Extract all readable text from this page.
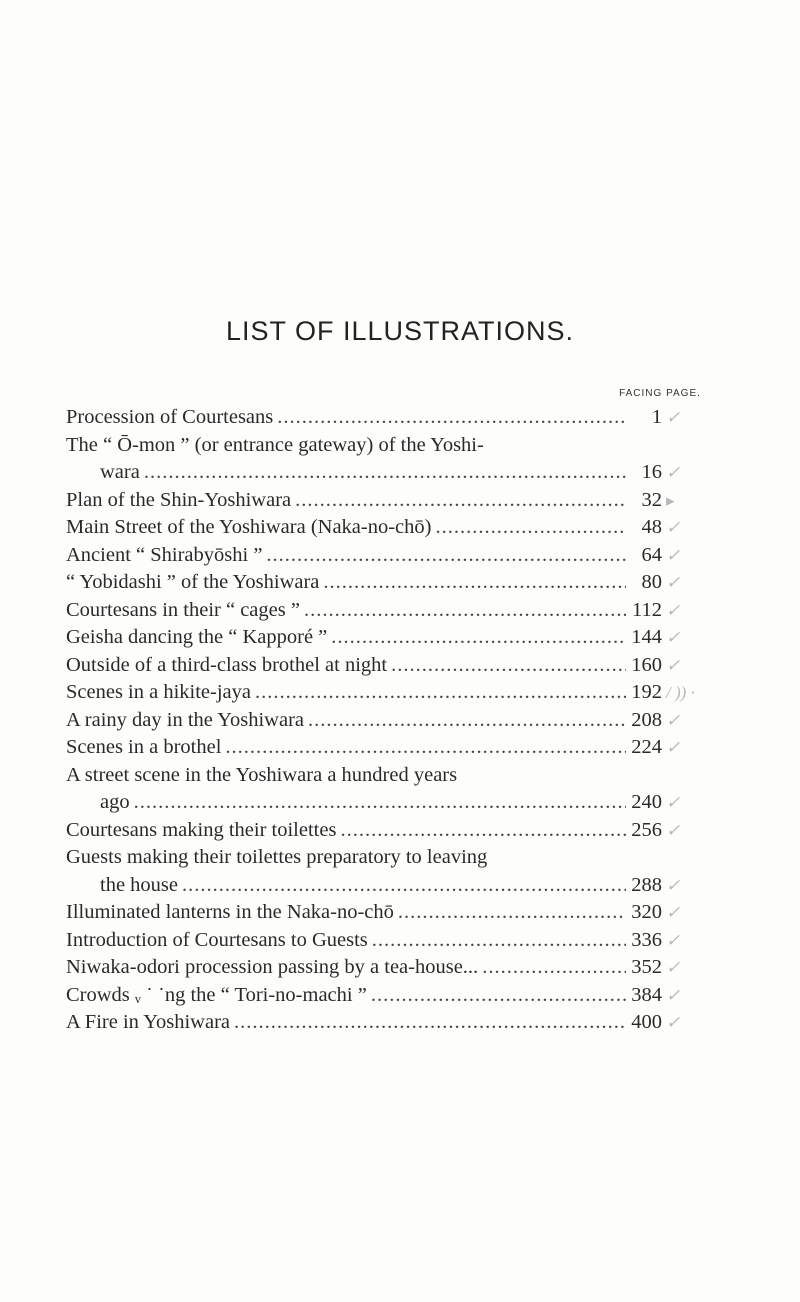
LIST OF ILLUSTRATIONS.
FACING PAGE.
Procession of Courtesans .....	1 ✓
The “ Ō-mon ” (or entrance gateway) of the Yoshi-
wara .....	16 ✓
Plan of the Shin-Yoshiwara .....	32 ▸
Main Street of the Yoshiwara (Naka-no-chō) .....	48 ✓
Ancient “ Shirabyōshi ” .....	64 ✓
“ Yobidashi ” of the Yoshiwara .....	80 ✓
Courtesans in their “ cages ” .....	112 ✓
Geisha dancing the “ Kapporé ” .....	144 ✓
Outside of a third-class brothel at night .....	160 ✓
Scenes in a hikite-jaya .....	192 / )) ·
A rainy day in the Yoshiwara .....	208 ✓
Scenes in a brothel .....	224 ✓
A street scene in the Yoshiwara a hundred years
ago .....	240 ✓
Courtesans making their toilettes .....	256 ✓
Guests making their toilettes preparatory to leaving
the house .....	288 ✓
Illuminated lanterns in the Naka-no-chō .....	320 ✓
Introduction of Courtesans to Guests .....	336 ✓
Niwaka-odori procession passing by a tea-house... .....	352 ✓
Crowds ᵥ ˙ ˙ng the “ Tori-no-machi ” .....	384 ✓
A Fire in Yoshiwara .....	400 ✓
